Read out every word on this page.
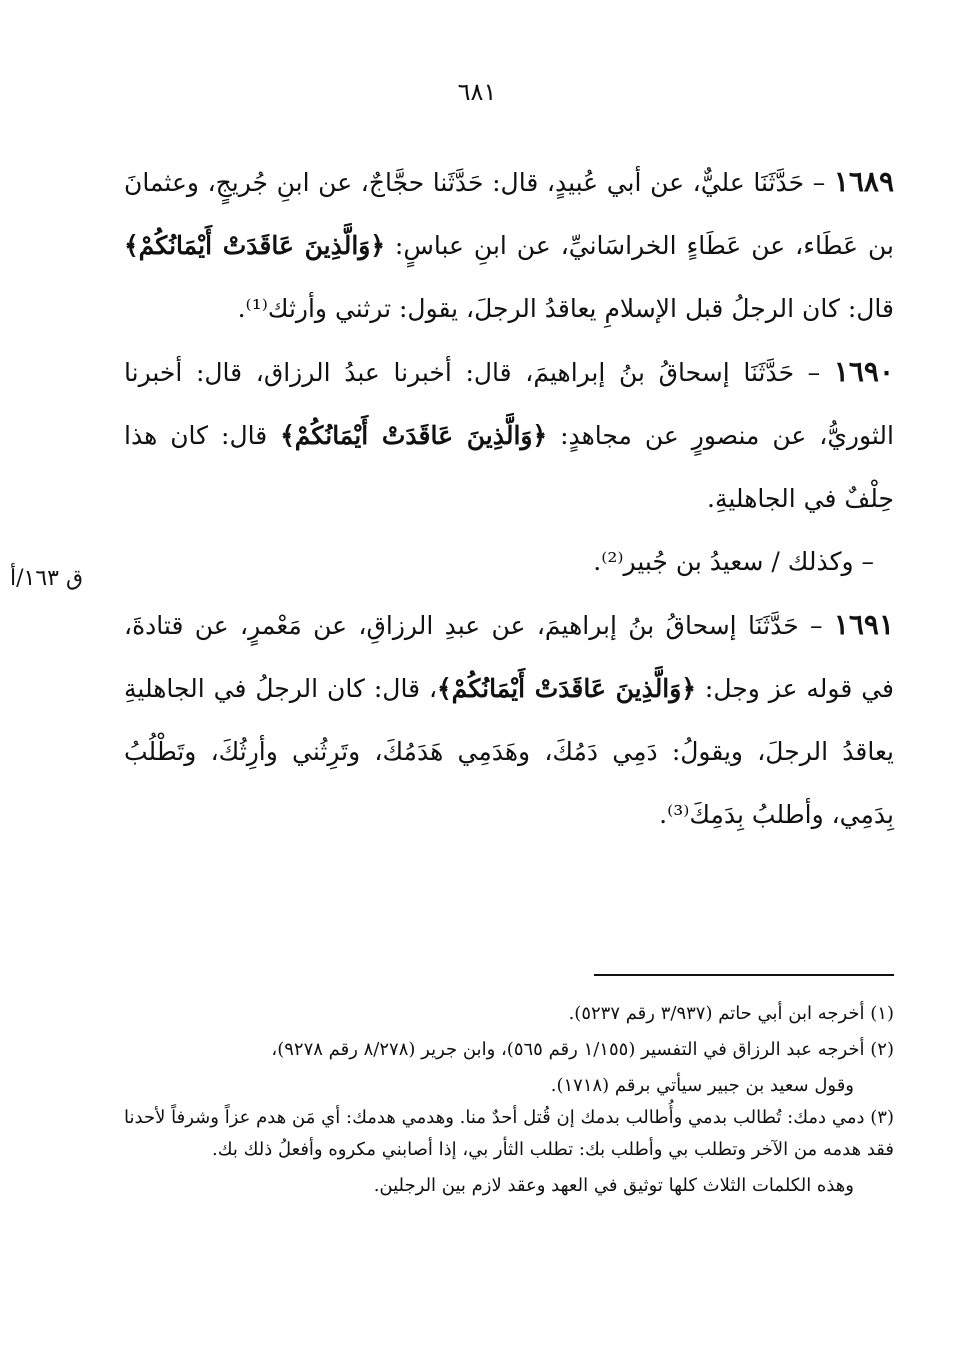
٦٨١
ق ١٦٣/أ

١٦٨٩ – حَدَّثَنَا عليٌّ، عن أبي عُبيدٍ، قال: حَدَّثَنا حجَّاجٌ، عن ابنِ جُريجٍ، وعثمانَ بن عَطَاء، عن عَطَاءٍ الخراسَانيِّ، عن ابنِ عباسٍ: ﴿وَالَّذِينَ عَاقَدَتْ أَيْمَانُكُمْ﴾ قال: كان الرجلُ قبل الإسلامِ يعاقدُ الرجلَ، يقول: ترثني وأرثك⁽¹⁾.

١٦٩٠ – حَدَّثَنَا إسحاقُ بنُ إبراهيمَ، قال: أخبرنا عبدُ الرزاق، قال: أخبرنا الثوريُّ، عن منصورٍ عن مجاهدٍ: ﴿وَالَّذِينَ عَاقَدَتْ أَيْمَانُكُمْ﴾ قال: كان هذا حِلْفٌ في الجاهليةِ.

– وكذلك / سعيدُ بن جُبير⁽²⁾.

١٦٩١ – حَدَّثَنَا إسحاقُ بنُ إبراهيمَ، عن عبدِ الرزاقِ، عن مَعْمرٍ، عن قتادةَ، في قوله عز وجل: ﴿وَالَّذِينَ عَاقَدَتْ أَيْمَانُكُمْ﴾، قال: كان الرجلُ في الجاهليةِ يعاقدُ الرجلَ، ويقولُ: دَمِي دَمُكَ، وهَدَمِي هَدَمُكَ، وتَرِثُني وأرِثُكَ، وتَطْلُبُ بِدَمِي، وأطلبُ بِدَمِكَ⁽³⁾.

(١) أخرجه ابن أبي حاتم (٣/٩٣٧ رقم ٥٢٣٧).

(٢) أخرجه عبد الرزاق في التفسير (١/١٥٥ رقم ٥٦٥)، وابن جرير (٨/٢٧٨ رقم ٩٢٧٨)،

وقول سعيد بن جبير سيأتي برقم (١٧١٨).

(٣) دمي دمك: تُطالب بدمي وأُطالب بدمك إن قُتل أحدٌ منا. وهدمي هدمك: أي مَن هدم عزاً وشرفاً لأحدنا فقد هدمه من الآخر وتطلب بي وأطلب بك: تطلب الثأر بي، إذا أصابني مكروه وأفعلُ ذلك بك.

وهذه الكلمات الثلاث كلها توثيق في العهد وعقد لازم بين الرجلين.
